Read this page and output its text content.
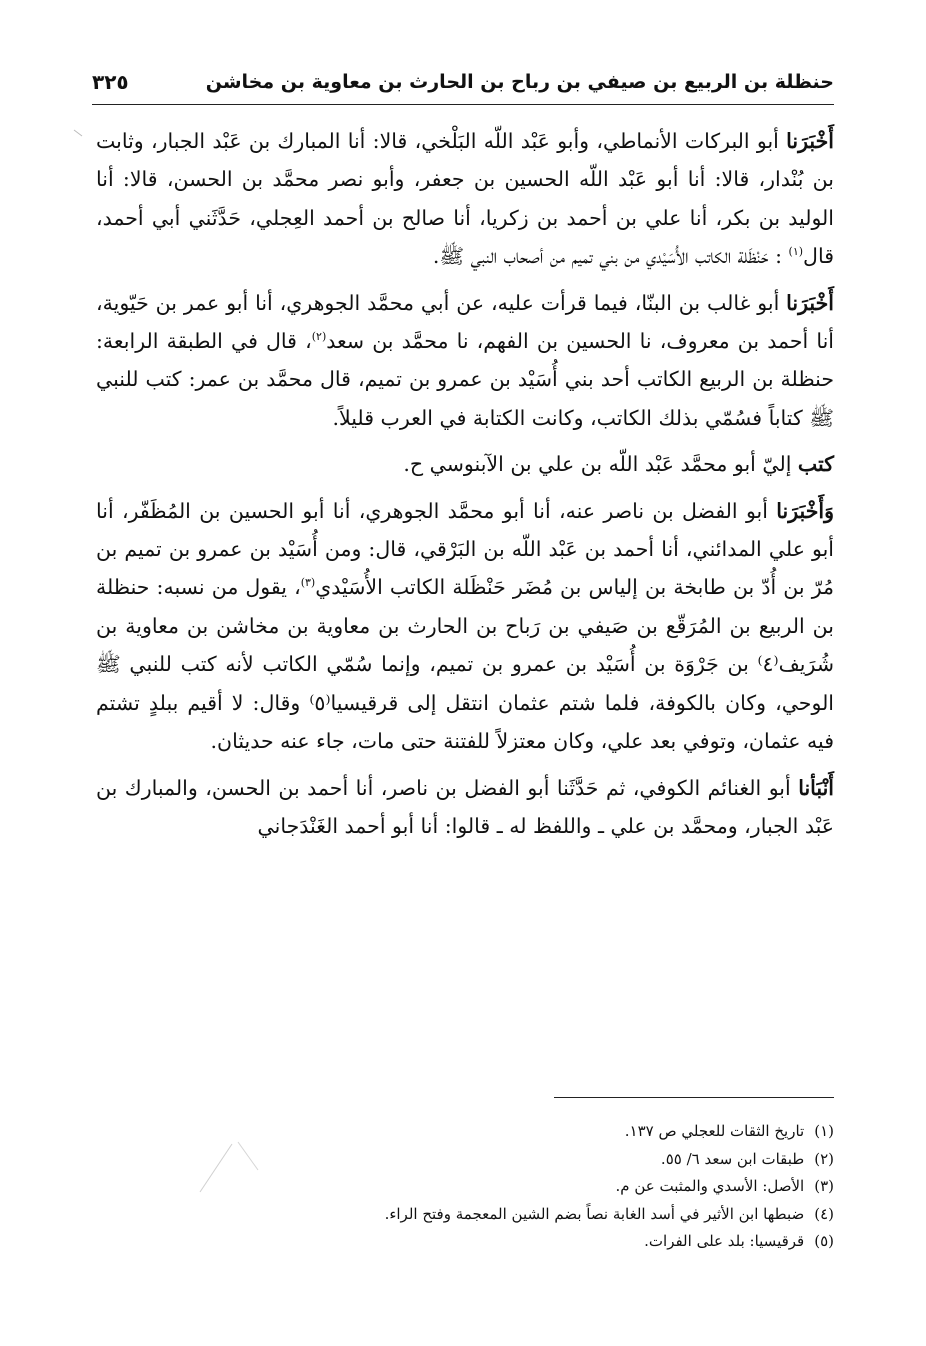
٣٢٥	حنظلة بن الربيع بن صيفي بن رباح بن الحارث بن معاوية بن مخاشن

أَخْبَرَنا أبو البركات الأنماطي، وأبو عَبْد اللّه البَلْخي، قالا: أنا المبارك بن عَبْد الجبار، وثابت بن بُنْدار، قالا: أنا أبو عَبْد اللّه الحسين بن جعفر، وأبو نصر محمَّد بن الحسن، قالا: أنا الوليد بن بكر، أنا علي بن أحمد بن زكريا، أنا صالح بن أحمد العِجلي، حَدَّثَني أبي أحمد، قال$^{(١)}$ : حَنْظَلة الكاتب الأُسَيْدي من بني تميم من أصحاب النبي ﷺ.

أَخْبَرَنا أبو غالب بن البنّا، فيما قرأت عليه، عن أبي محمَّد الجوهري، أنا أبو عمر بن حَيّوية، أنا أحمد بن معروف، نا الحسين بن الفهم، نا محمَّد بن سعد$^{(٢)}$، قال في الطبقة الرابعة: حنظلة بن الربيع الكاتب أحد بني أُسَيْد بن عمرو بن تميم، قال محمَّد بن عمر: كتب للنبي ﷺ كتاباً فسُمّي بذلك الكاتب، وكانت الكتابة في العرب قليلاً.

كتب إليّ أبو محمَّد عَبْد اللّه بن علي بن الآبنوسي ح.

وَأَخْبَرَنا أبو الفضل بن ناصر عنه، أنا أبو محمَّد الجوهري، أنا أبو الحسين بن المُظَفّر، أنا أبو علي المدائني، أنا أحمد بن عَبْد اللّه بن البَرْقي، قال: ومن أُسَيْد بن عمرو بن تميم بن مُرّ بن أُدّ بن طابخة بن إلياس بن مُضَر حَنْظَلة الكاتب الأُسَيْدي$^{(٣)}$، يقول من نسبه: حنظلة بن الربيع بن المُرَقّع بن صَيفي بن رَباح بن الحارث بن معاوية بن مخاشن بن معاوية بن شُرَيف⁽٤⁾ بن جَرْوَة بن أُسَيْد بن عمرو بن تميم، وإنما سُمّي الكاتب لأنه كتب للنبي ﷺ الوحي، وكان بالكوفة، فلما شتم عثمان انتقل إلى قرقيسيا⁽٥⁾ وقال: لا أقيم ببلدٍ تشتم فيه عثمان، وتوفي بعد علي، وكان معتزلاً للفتنة حتى مات، جاء عنه حديثان.

أَنْبَأنا أبو الغنائم الكوفي، ثم حَدَّثَنا أبو الفضل بن ناصر، أنا أحمد بن الحسن، والمبارك بن عَبْد الجبار، ومحمَّد بن علي ـ واللفظ له ـ قالوا: أنا أبو أحمد الغَنْدَجاني

(١)تاريخ الثقات للعجلي ص ١٣٧.
(٢)طبقات ابن سعد ٦/ ٥٥.
(٣)الأصل: الأسدي والمثبت عن م.
(٤)ضبطها ابن الأثير في أسد الغابة نصاً بضم الشين المعجمة وفتح الراء.
(٥)قرقيسيا: بلد على الفرات.
